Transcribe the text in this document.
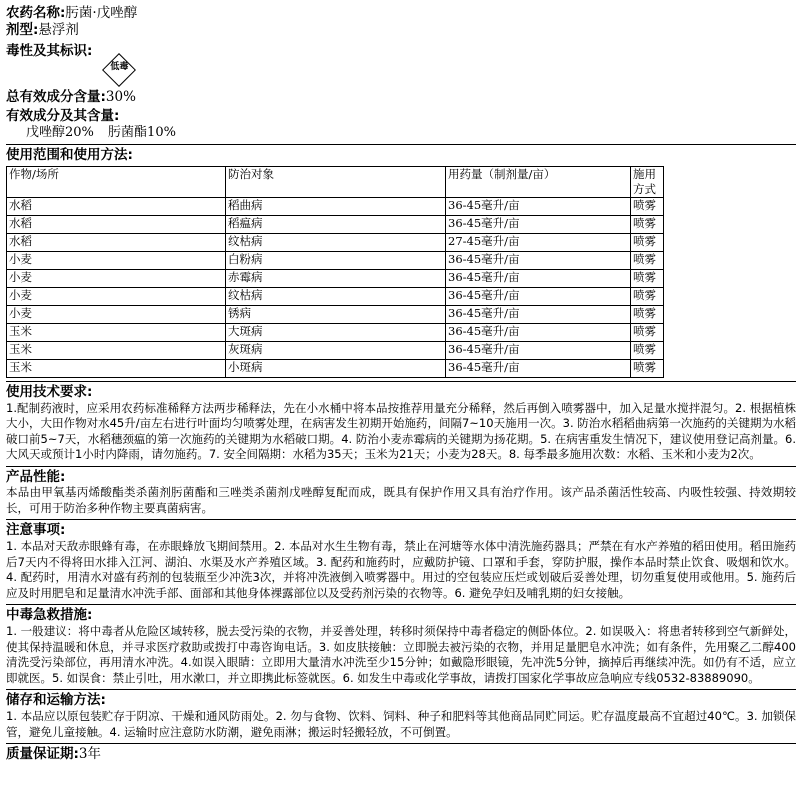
农药名称: 肟菌·戊唑醇
剂型: 悬浮剂
毒性及其标识:
低毒
总有效成分含量: 30%
有效成分及其含量:
戊唑醇20% 肟菌酯10%
使用范围和使用方法:
作物/场所	防治对象	用药量（制剂量/亩）	施用方式
水稻	稻曲病	36-45毫升/亩	喷雾
水稻	稻瘟病	36-45毫升/亩	喷雾
水稻	纹枯病	27-45毫升/亩	喷雾
小麦	白粉病	36-45毫升/亩	喷雾
小麦	赤霉病	36-45毫升/亩	喷雾
小麦	纹枯病	36-45毫升/亩	喷雾
小麦	锈病	36-45毫升/亩	喷雾
玉米	大斑病	36-45毫升/亩	喷雾
玉米	灰斑病	36-45毫升/亩	喷雾
玉米	小斑病	36-45毫升/亩	喷雾
使用技术要求:
1.配制药液时，应采用农药标准稀释方法两步稀释法，先在小水桶中将本品按推荐用量充分稀释，然后再倒入喷雾器中，加入足量水搅拌混匀。2. 根据植株大小，大田作物对水45升/亩左右进行叶面均匀喷雾处理，在病害发生初期开始施药，间隔7~10天施用一次。3. 防治水稻稻曲病第一次施药的关键期为水稻破口前5~7天，水稻穗颈瘟的第一次施药的关键期为水稻破口期。4. 防治小麦赤霉病的关键期为扬花期。5. 在病害重发生情况下，建议使用登记高剂量。6. 大风天或预计1小时内降雨，请勿施药。7. 安全间隔期：水稻为35天；玉米为21天；小麦为28天。8. 每季最多施用次数：水稻、玉米和小麦为2次。
产品性能:
本品由甲氧基丙烯酸酯类杀菌剂肟菌酯和三唑类杀菌剂戊唑醇复配而成，既具有保护作用又具有治疗作用。该产品杀菌活性较高、内吸性较强、持效期较长，可用于防治多种作物主要真菌病害。
注意事项:
1. 本品对天敌赤眼蜂有毒，在赤眼蜂放飞期间禁用。2. 本品对水生生物有毒，禁止在河塘等水体中清洗施药器具；严禁在有水产养殖的稻田使用。稻田施药后7天内不得将田水排入江河、湖泊、水渠及水产养殖区域。3. 配药和施药时，应戴防护镜、口罩和手套，穿防护服，操作本品时禁止饮食、吸烟和饮水。4. 配药时，用清水对盛有药剂的包装瓶至少冲洗3次，并将冲洗液倒入喷雾器中。用过的空包装应压烂或划破后妥善处理，切勿重复使用或他用。5. 施药后应及时用肥皂和足量清水冲洗手部、面部和其他身体裸露部位以及受药剂污染的衣物等。6. 避免孕妇及哺乳期的妇女接触。
中毒急救措施:
1. 一般建议：将中毒者从危险区域转移，脱去受污染的衣物，并妥善处理，转移时须保持中毒者稳定的侧卧体位。2. 如误吸入：将患者转移到空气新鲜处，使其保持温暖和休息，并寻求医疗救助或拨打中毒咨询电话。3. 如皮肤接触：立即脱去被污染的衣物，并用足量肥皂水冲洗；如有条件，先用聚乙二醇400清洗受污染部位，再用清水冲洗。4.如误入眼睛：立即用大量清水冲洗至少15分钟；如戴隐形眼镜，先冲洗5分钟，摘掉后再继续冲洗。如仍有不适，应立即就医。5. 如误食：禁止引吐，用水漱口，并立即携此标签就医。6. 如发生中毒或化学事故，请拨打国家化学事故应急响应专线0532-83889090。
储存和运输方法:
1. 本品应以原包装贮存于阴凉、干燥和通风防雨处。2. 勿与食物、饮料、饲料、种子和肥料等其他商品同贮同运。贮存温度最高不宜超过40℃。3. 加锁保管，避免儿童接触。4. 运输时应注意防水防潮，避免雨淋；搬运时轻搬轻放，不可倒置。
质量保证期: 3年
